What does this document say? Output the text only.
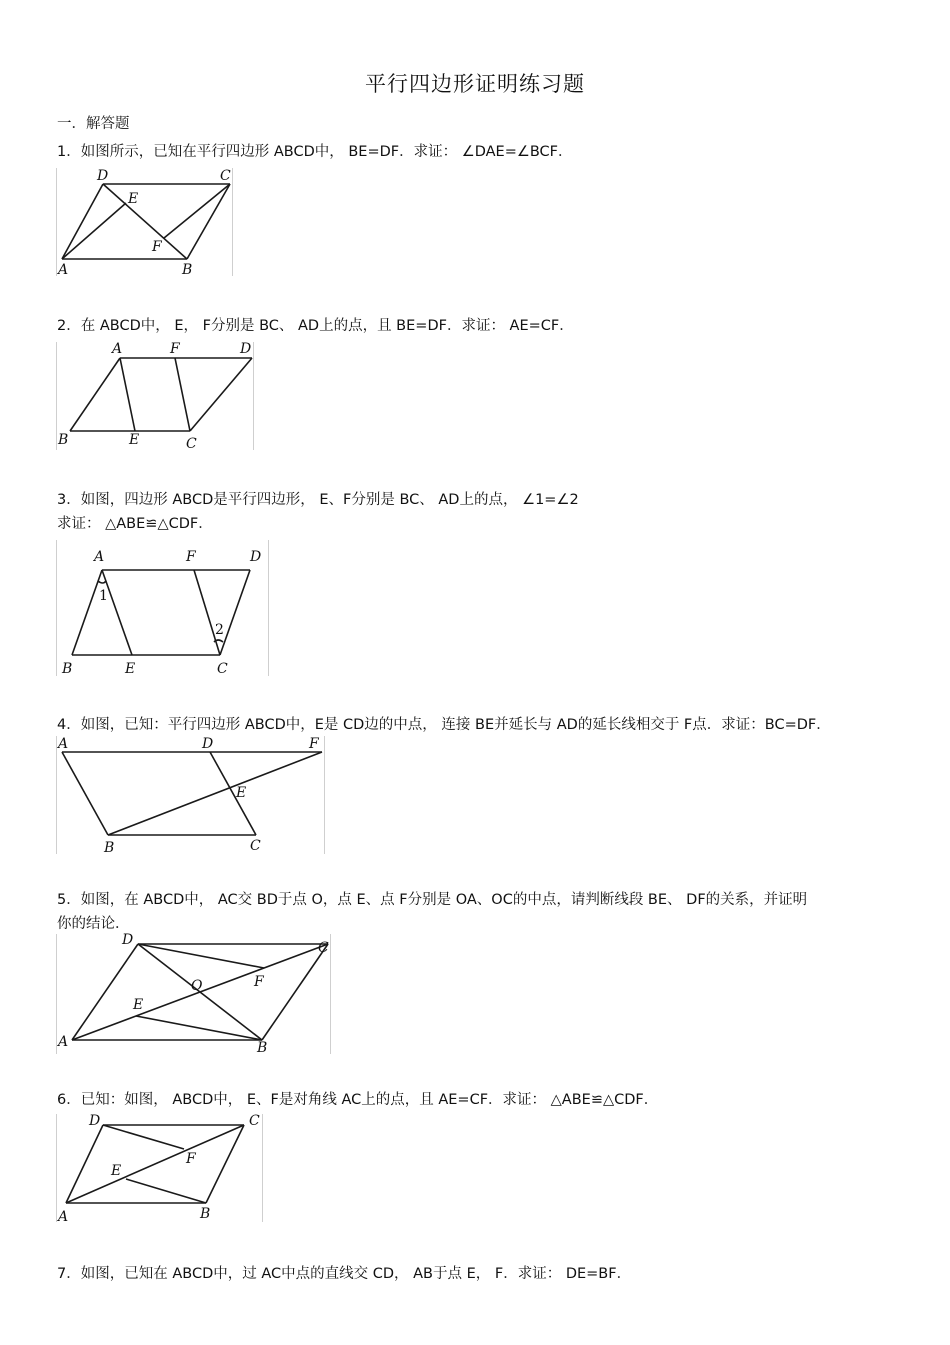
平行四边形证明练习题
一．解答题
1．如图所示，已知在平行四边形 ABCD中， BE=DF．求证： ∠DAE=∠BCF．
D	C
E
F
A	B
2．在 ABCD中， E， F分别是 BC、 AD上的点，且 BE=DF．求证： AE=CF．
A	F	D
B	E	C
3．如图，四边形 ABCD是平行四边形， E、F分别是 BC、 AD上的点， ∠1=∠2
求证： △ABE≌△CDF．
A	F	D
1
2
B	E	C
4．如图，已知：平行四边形 ABCD中，E是 CD边的中点， 连接 BE并延长与 AD的延长线相交于 F点．求证：BC=DF．
A	D	F
E
B	C
5．如图，在 ABCD中， AC交 BD于点 O，点 E、点 F分别是 OA、OC的中点，请判断线段 BE、 DF的关系，并证明
你的结论．
D	C
O	F
E
A	B
6．已知：如图， ABCD中， E、F是对角线 AC上的点，且 AE=CF．求证： △ABE≌△CDF．
D	C
F
E
A	B
7．如图，已知在 ABCD中，过 AC中点的直线交 CD， AB于点 E， F．求证： DE=BF．
